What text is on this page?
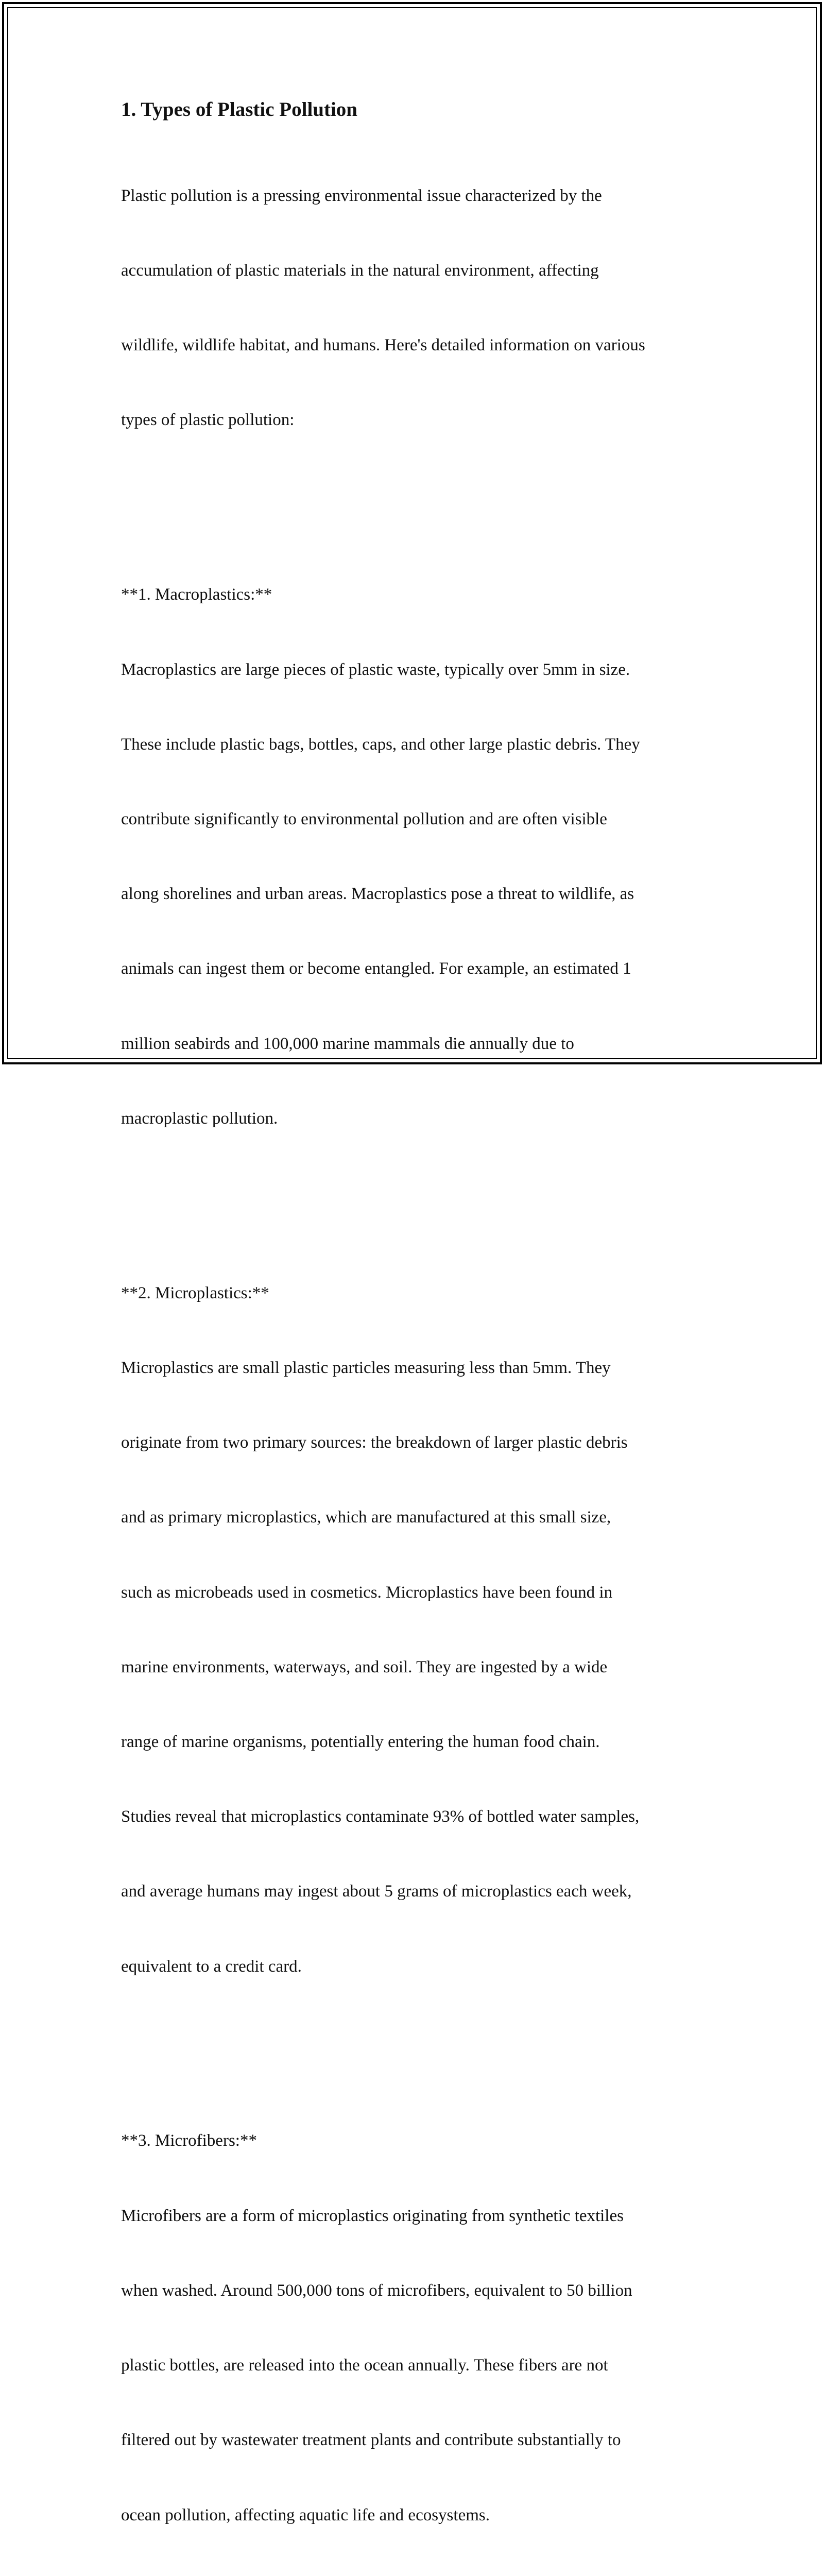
1. Types of Plastic Pollution

Plastic pollution is a pressing environmental issue characterized by the

accumulation of plastic materials in the natural environment, affecting

wildlife, wildlife habitat, and humans. Here's detailed information on various

types of plastic pollution:

**1. Macroplastics:**

Macroplastics are large pieces of plastic waste, typically over 5mm in size.

These include plastic bags, bottles, caps, and other large plastic debris. They

contribute significantly to environmental pollution and are often visible

along shorelines and urban areas. Macroplastics pose a threat to wildlife, as

animals can ingest them or become entangled. For example, an estimated 1

million seabirds and 100,000 marine mammals die annually due to

macroplastic pollution.

**2. Microplastics:**

Microplastics are small plastic particles measuring less than 5mm. They

originate from two primary sources: the breakdown of larger plastic debris

and as primary microplastics, which are manufactured at this small size,

such as microbeads used in cosmetics. Microplastics have been found in

marine environments, waterways, and soil. They are ingested by a wide

range of marine organisms, potentially entering the human food chain.

Studies reveal that microplastics contaminate 93% of bottled water samples,

and average humans may ingest about 5 grams of microplastics each week,

equivalent to a credit card.

**3. Microfibers:**

Microfibers are a form of microplastics originating from synthetic textiles

when washed. Around 500,000 tons of microfibers, equivalent to 50 billion

plastic bottles, are released into the ocean annually. These fibers are not

filtered out by wastewater treatment plants and contribute substantially to

ocean pollution, affecting aquatic life and ecosystems.
